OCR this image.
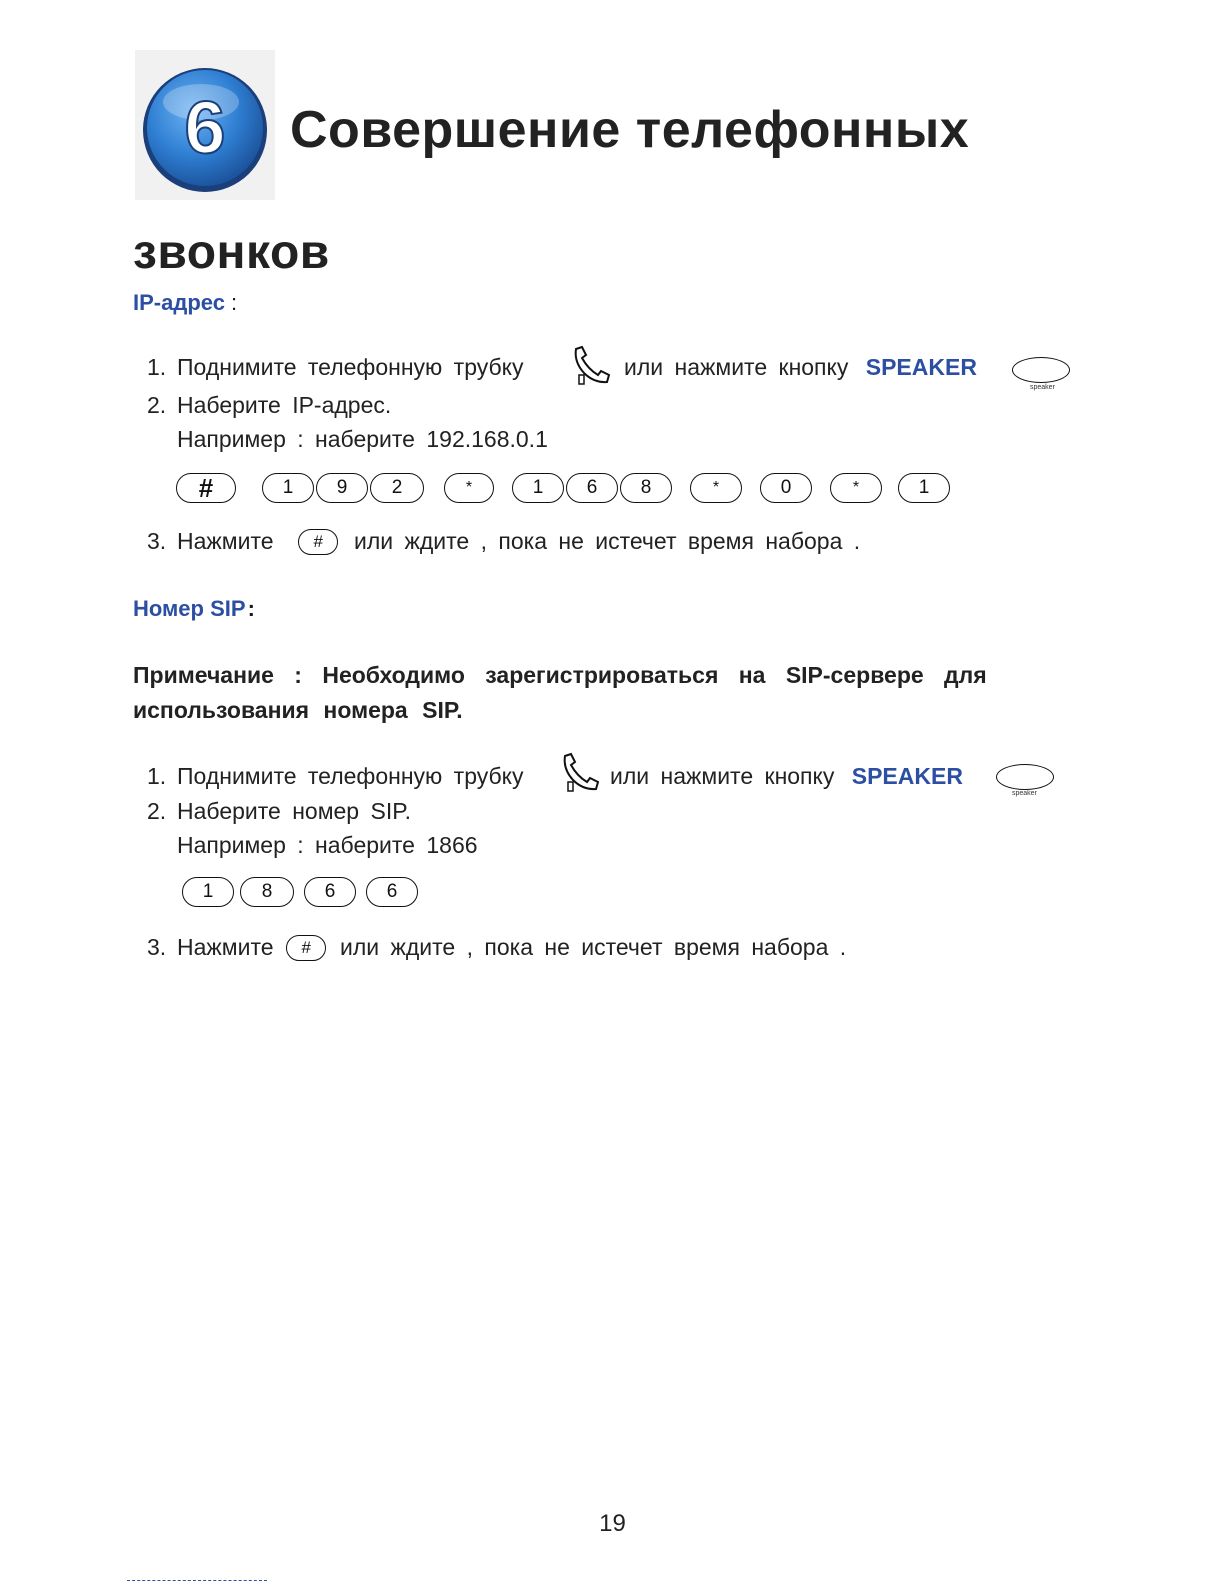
6 Совершение телефонных
звонков
IP-адрес :
1. Поднимите телефонную трубку	или нажмите кнопку SPEAKER
speaker
2. Наберите IP-адрес.
Например : наберите 192.168.0.1
#	1	9	2	*	1	6	8	*	0	*	1
3. Нажмите	#	или ждите , пока не истечет время набора .
Номер SIP:
Примечание : Необходимо зарегистрироваться на SIP-сервере для
использования номера SIP.
1. Поднимите телефонную трубку	или нажмите кнопку SPEAKER
speaker
2. Наберите номер SIP.
Например : наберите 1866
1	8	6	6
3. Нажмите	#	или ждите , пока не истечет время набора .
19
